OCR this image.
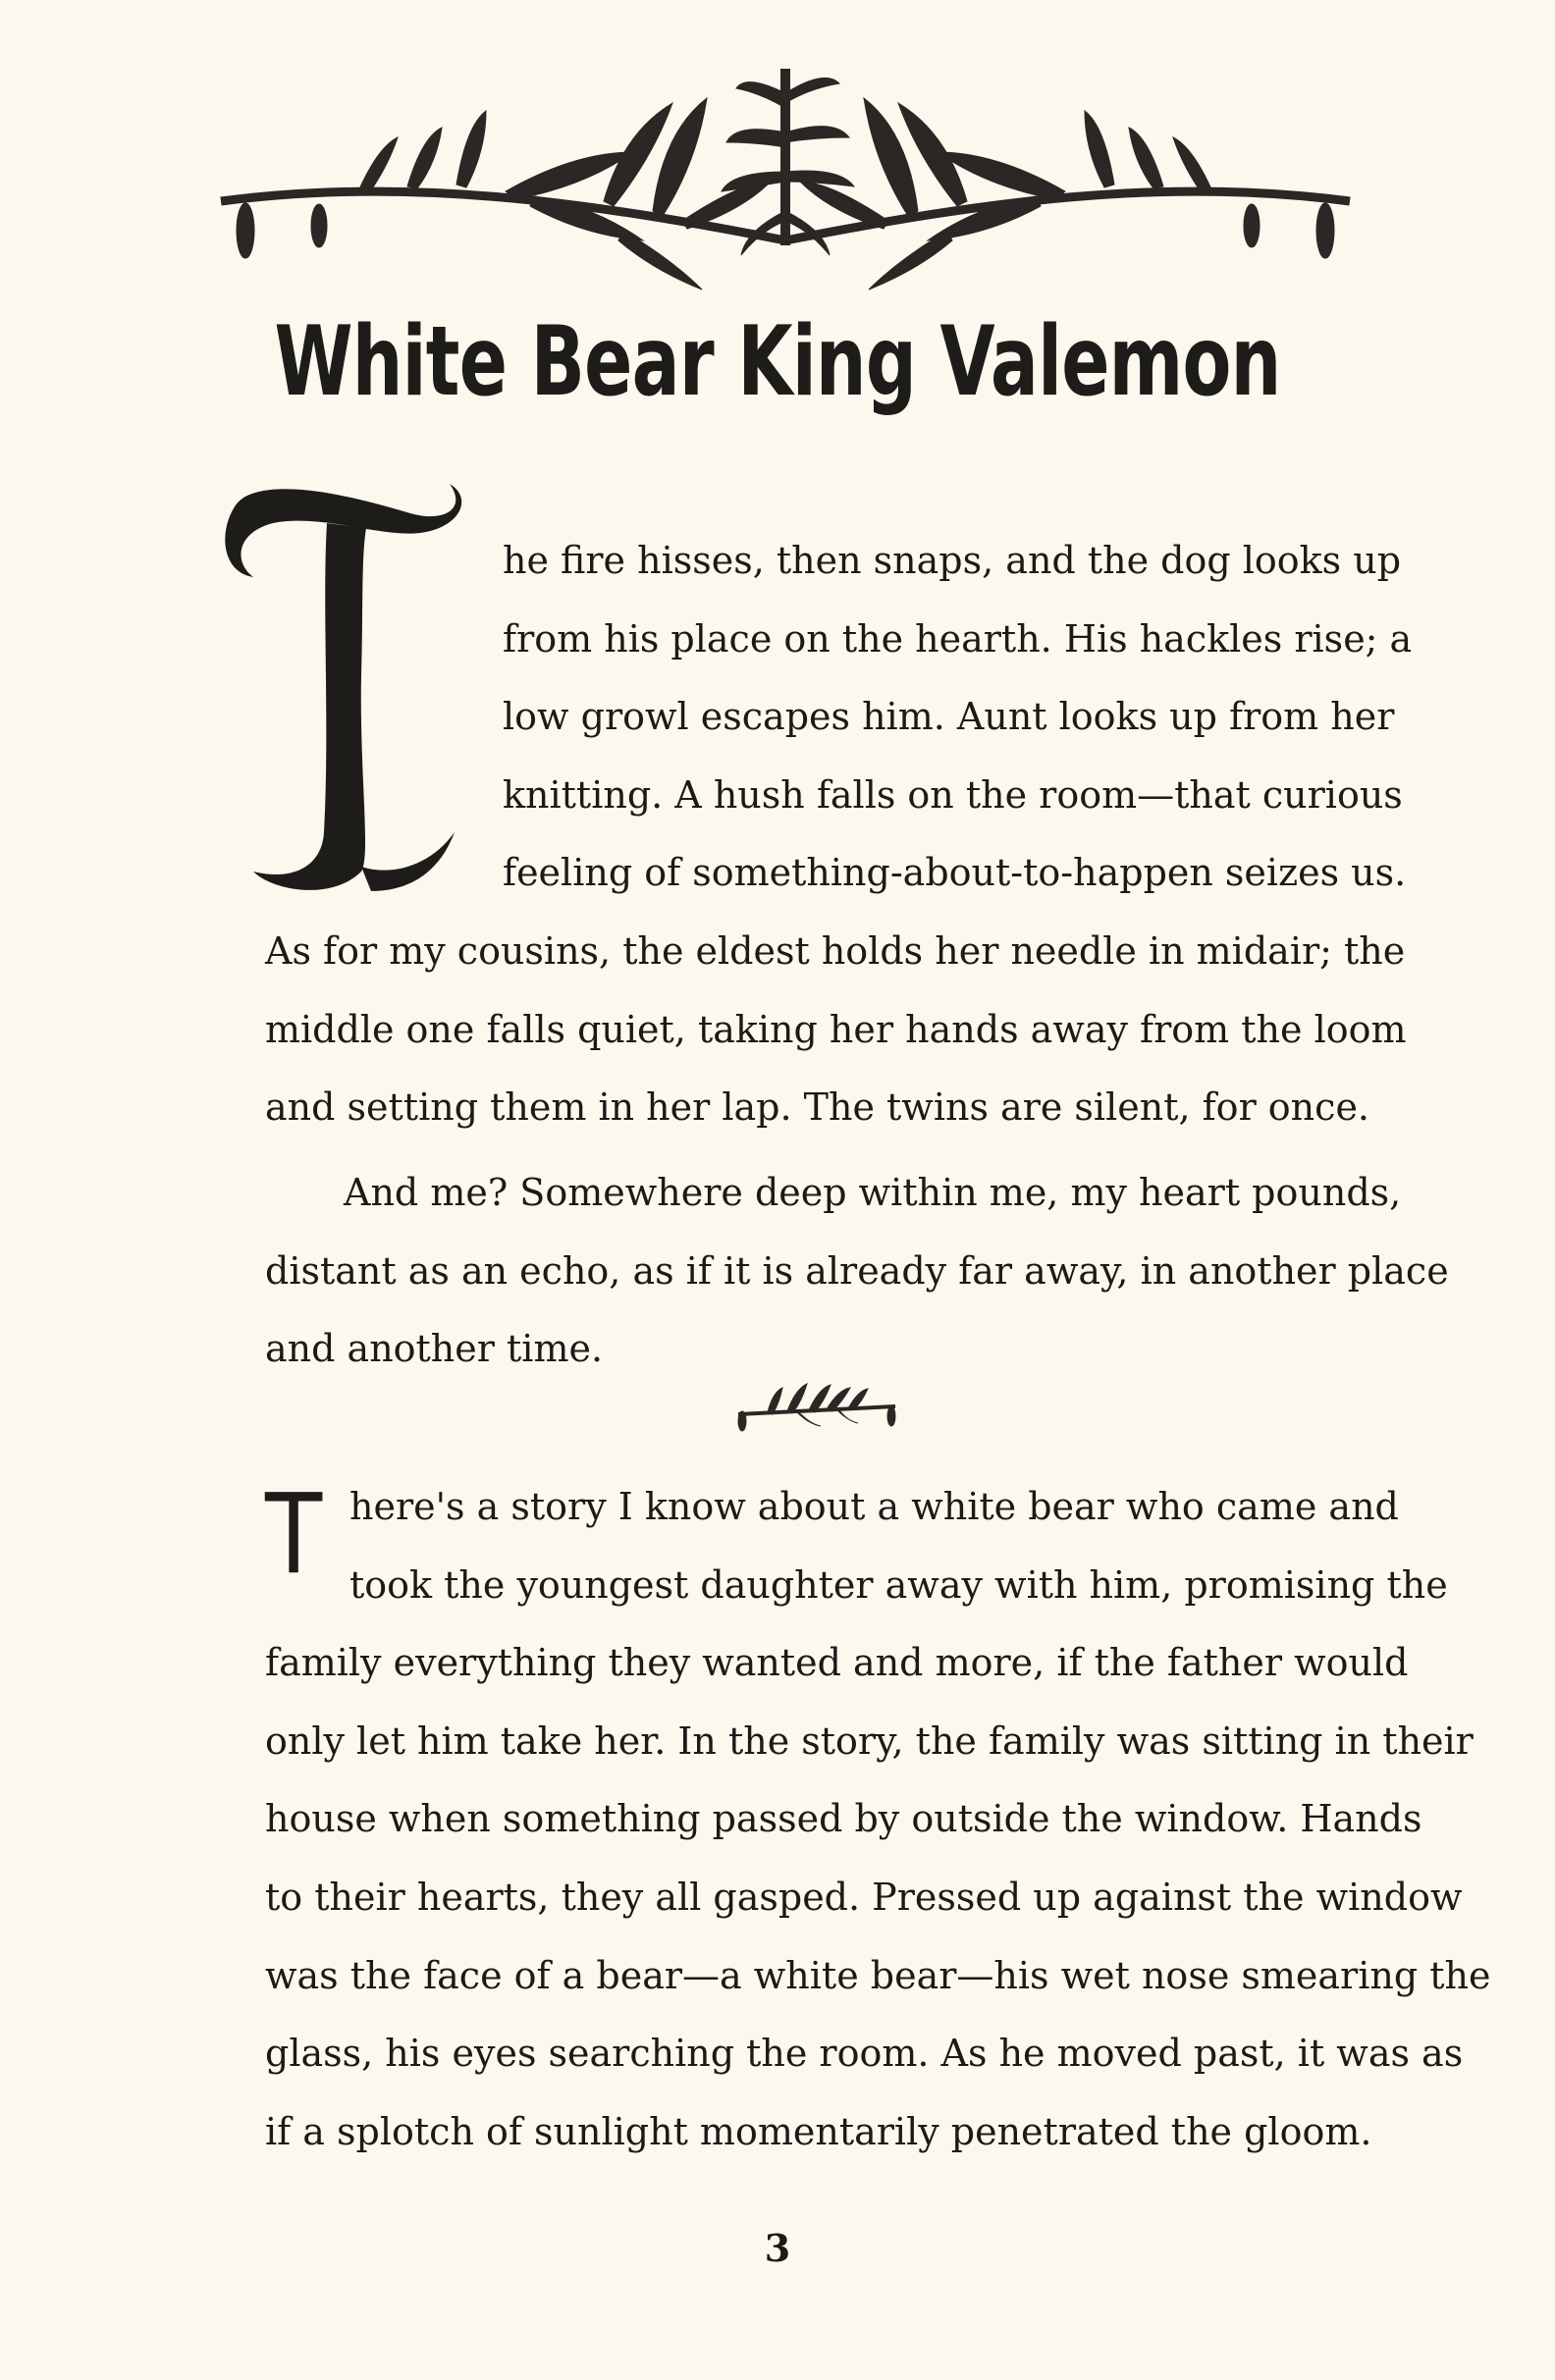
White Bear King Valemon

he fire hisses, then snaps, and the dog looks up
from his place on the hearth. His hackles rise; a
low growl escapes him. Aunt looks up from her
knitting. A hush falls on the room—that curious
feeling of something-about-to-happen seizes us.
As for my cousins, the eldest holds her needle in midair; the
middle one falls quiet, taking her hands away from the loom
and setting them in her lap. The twins are silent, for once.

And me? Somewhere deep within me, my heart pounds,
distant as an echo, as if it is already far away, in another place
and another time.

T here's a story I know about a white bear who came and
took the youngest daughter away with him, promising the
family everything they wanted and more, if the father would
only let him take her. In the story, the family was sitting in their
house when something passed by outside the window. Hands
to their hearts, they all gasped. Pressed up against the window
was the face of a bear—a white bear—his wet nose smearing the
glass, his eyes searching the room. As he moved past, it was as
if a splotch of sunlight momentarily penetrated the gloom.

3
